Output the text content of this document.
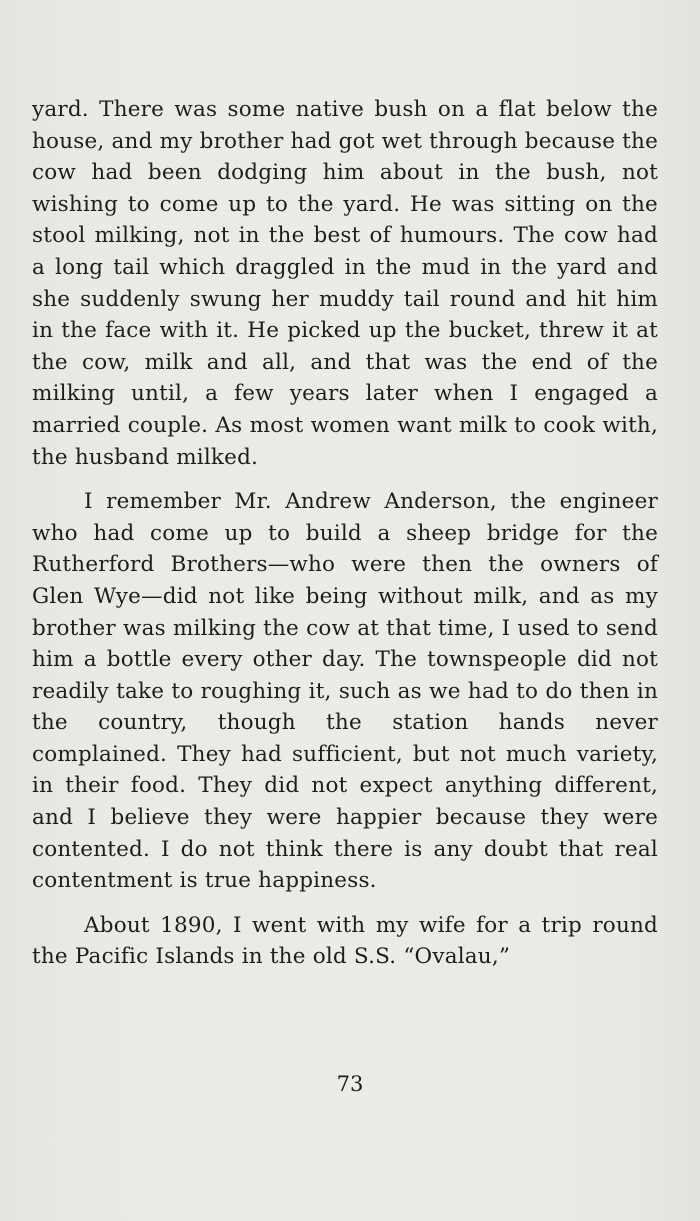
yard. There was some native bush on a flat below the house, and my brother had got wet through because the cow had been dodging him about in the bush, not wishing to come up to the yard. He was sitting on the stool milking, not in the best of humours. The cow had a long tail which draggled in the mud in the yard and she suddenly swung her muddy tail round and hit him in the face with it. He picked up the bucket, threw it at the cow, milk and all, and that was the end of the milking until, a few years later when I engaged a married couple. As most women want milk to cook with, the husband milked.

I remember Mr. Andrew Anderson, the engineer who had come up to build a sheep bridge for the Rutherford Brothers—who were then the owners of Glen Wye—did not like being without milk, and as my brother was milking the cow at that time, I used to send him a bottle every other day. The townspeople did not readily take to roughing it, such as we had to do then in the country, though the station hands never complained. They had sufficient, but not much variety, in their food. They did not expect anything different, and I believe they were happier because they were contented. I do not think there is any doubt that real contentment is true happiness.

About 1890, I went with my wife for a trip round the Pacific Islands in the old S.S. “Ovalau,”

73
